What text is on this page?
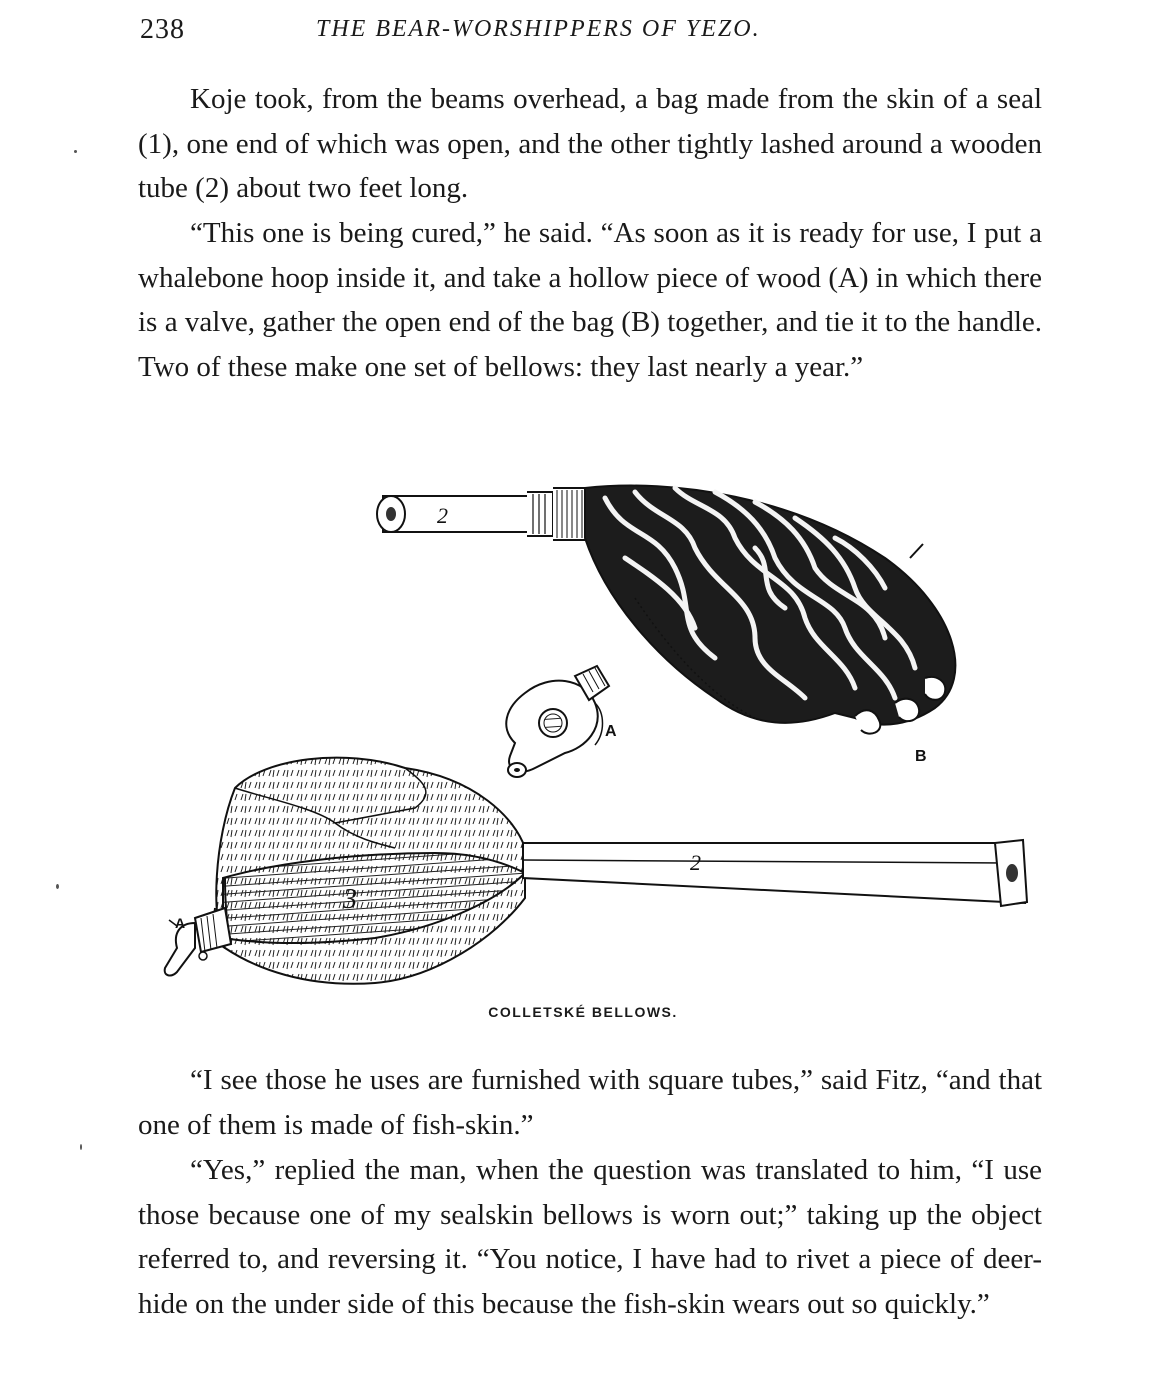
238	THE BEAR-WORSHIPPERS OF YEZO.

Koje took, from the beams overhead, a bag made from the skin of a seal (1), one end of which was open, and the other tightly lashed around a wooden tube (2) about two feet long.

“This one is being cured,” he said. “As soon as it is ready for use, I put a whalebone hoop inside it, and take a hollow piece of wood (A) in which there is a valve, gather the open end of the bag (B) together, and tie it to the handle. Two of these make one set of bellows: they last nearly a year.”

2
1
B
A
3
A
2
COLLETSKÉ BELLOWS.

“I see those he uses are furnished with square tubes,” said Fitz, “and that one of them is made of fish-skin.”

“Yes,” replied the man, when the question was translated to him, “I use those because one of my sealskin bellows is worn out;” taking up the object referred to, and reversing it. “You notice, I have had to rivet a piece of deer-hide on the under side of this because the fish-skin wears out so quickly.”
